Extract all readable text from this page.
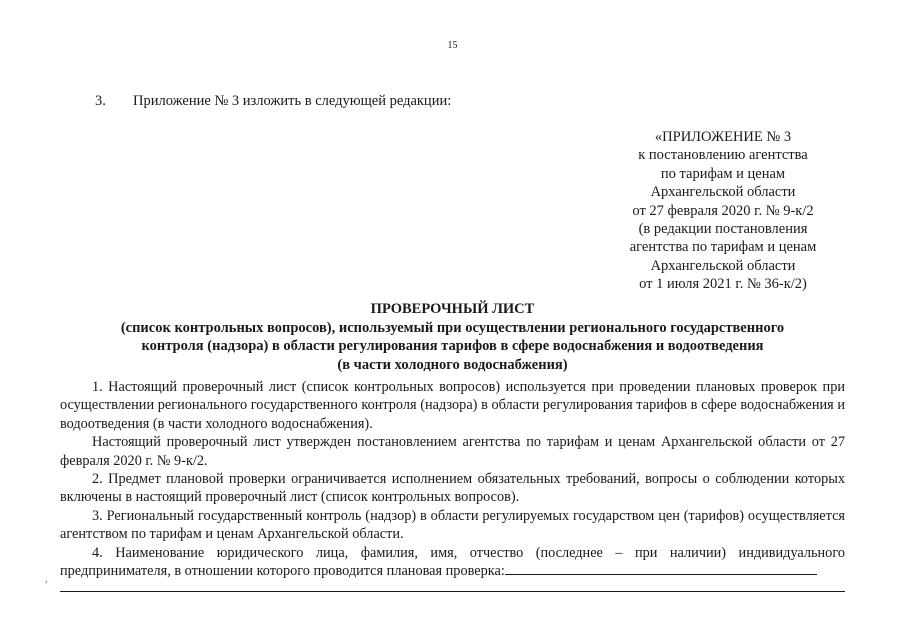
15
3. Приложение № 3 изложить в следующей редакции:
«ПРИЛОЖЕНИЕ № 3
к постановлению агентства
по тарифам и ценам
Архангельской области
от 27 февраля 2020 г. № 9-к/2
(в редакции постановления
агентства по тарифам и ценам
Архангельской области
от 1 июля 2021 г. № 36-к/2)
ПРОВЕРОЧНЫЙ ЛИСТ
(список контрольных вопросов), используемый при осуществлении регионального государственного
контроля (надзора) в области регулирования тарифов в сфере водоснабжения и водоотведения
(в части холодного водоснабжения)

1. Настоящий проверочный лист (список контрольных вопросов) используется при проведении плановых проверок при осуществлении регионального государственного контроля (надзора) в области регулирования тарифов в сфере водоснабжения и водоотведения (в части холодного водоснабжения).

Настоящий проверочный лист утвержден постановлением агентства по тарифам и ценам Архангельской области от 27 февраля 2020 г. № 9-к/2.

2. Предмет плановой проверки ограничивается исполнением обязательных требований, вопросы о соблюдении которых включены в настоящий проверочный лист (список контрольных вопросов).

3. Региональный государственный контроль (надзор) в области регулируемых государством цен (тарифов) осуществляется агентством по тарифам и ценам Архангельской области.

4. Наименование юридического лица, фамилия, имя, отчество (последнее – при наличии) индивидуального предпринимателя, в отношении которого проводится плановая проверка:

,
